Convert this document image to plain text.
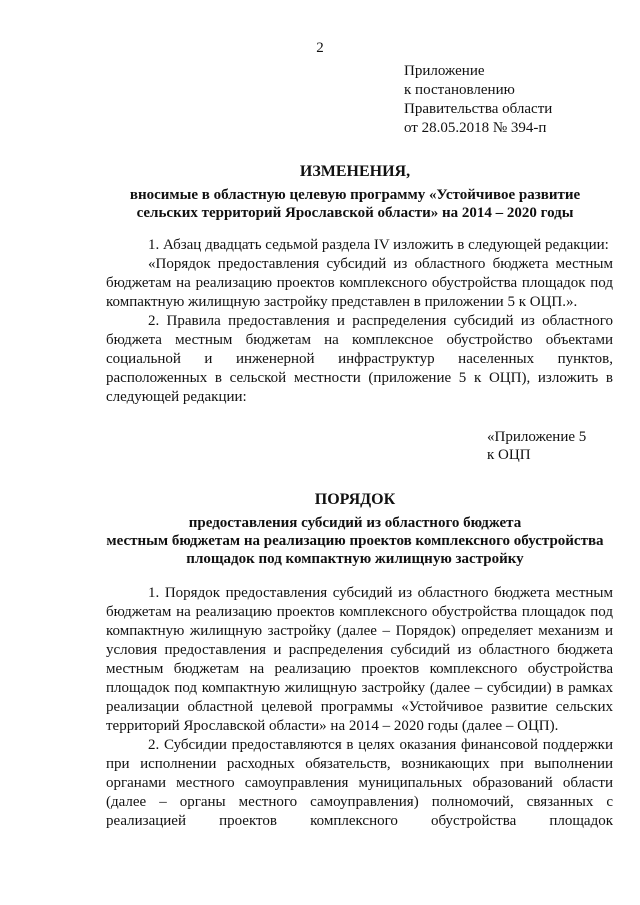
2
Приложение
к постановлению
Правительства области
от 28.05.2018 № 394-п
ИЗМЕНЕНИЯ,
вносимые в областную целевую программу «Устойчивое развитие
сельских территорий Ярославской области» на 2014 – 2020 годы

1. Абзац двадцать седьмой раздела IV изложить в следующей редакции:

«Порядок предоставления субсидий из областного бюджета местным бюджетам на реализацию проектов комплексного обустройства площадок под компактную жилищную застройку представлен в приложении 5 к ОЦП.».

2. Правила предоставления и распределения субсидий из областного бюджета местным бюджетам на комплексное обустройство объектами социальной и инженерной инфраструктур населенных пунктов, расположенных в сельской местности (приложение 5 к ОЦП), изложить в следующей редакции:

«Приложение 5
к ОЦП
ПОРЯДОК
предоставления субсидий из областного бюджета
местным бюджетам на реализацию проектов комплексного обустройства
площадок под компактную жилищную застройку

1. Порядок предоставления субсидий из областного бюджета местным бюджетам на реализацию проектов комплексного обустройства площадок под компактную жилищную застройку (далее – Порядок) определяет механизм и условия предоставления и распределения субсидий из областного бюджета местным бюджетам на реализацию проектов комплексного обустройства площадок под компактную жилищную застройку (далее – субсидии) в рамках реализации областной целевой программы «Устойчивое развитие сельских территорий Ярославской области» на 2014 – 2020 годы (далее – ОЦП).

2. Субсидии предоставляются в целях оказания финансовой поддержки при исполнении расходных обязательств, возникающих при выполнении органами местного самоуправления муниципальных образований области (далее – органы местного самоуправления) полномочий, связанных с реализацией проектов комплексного обустройства площадок
